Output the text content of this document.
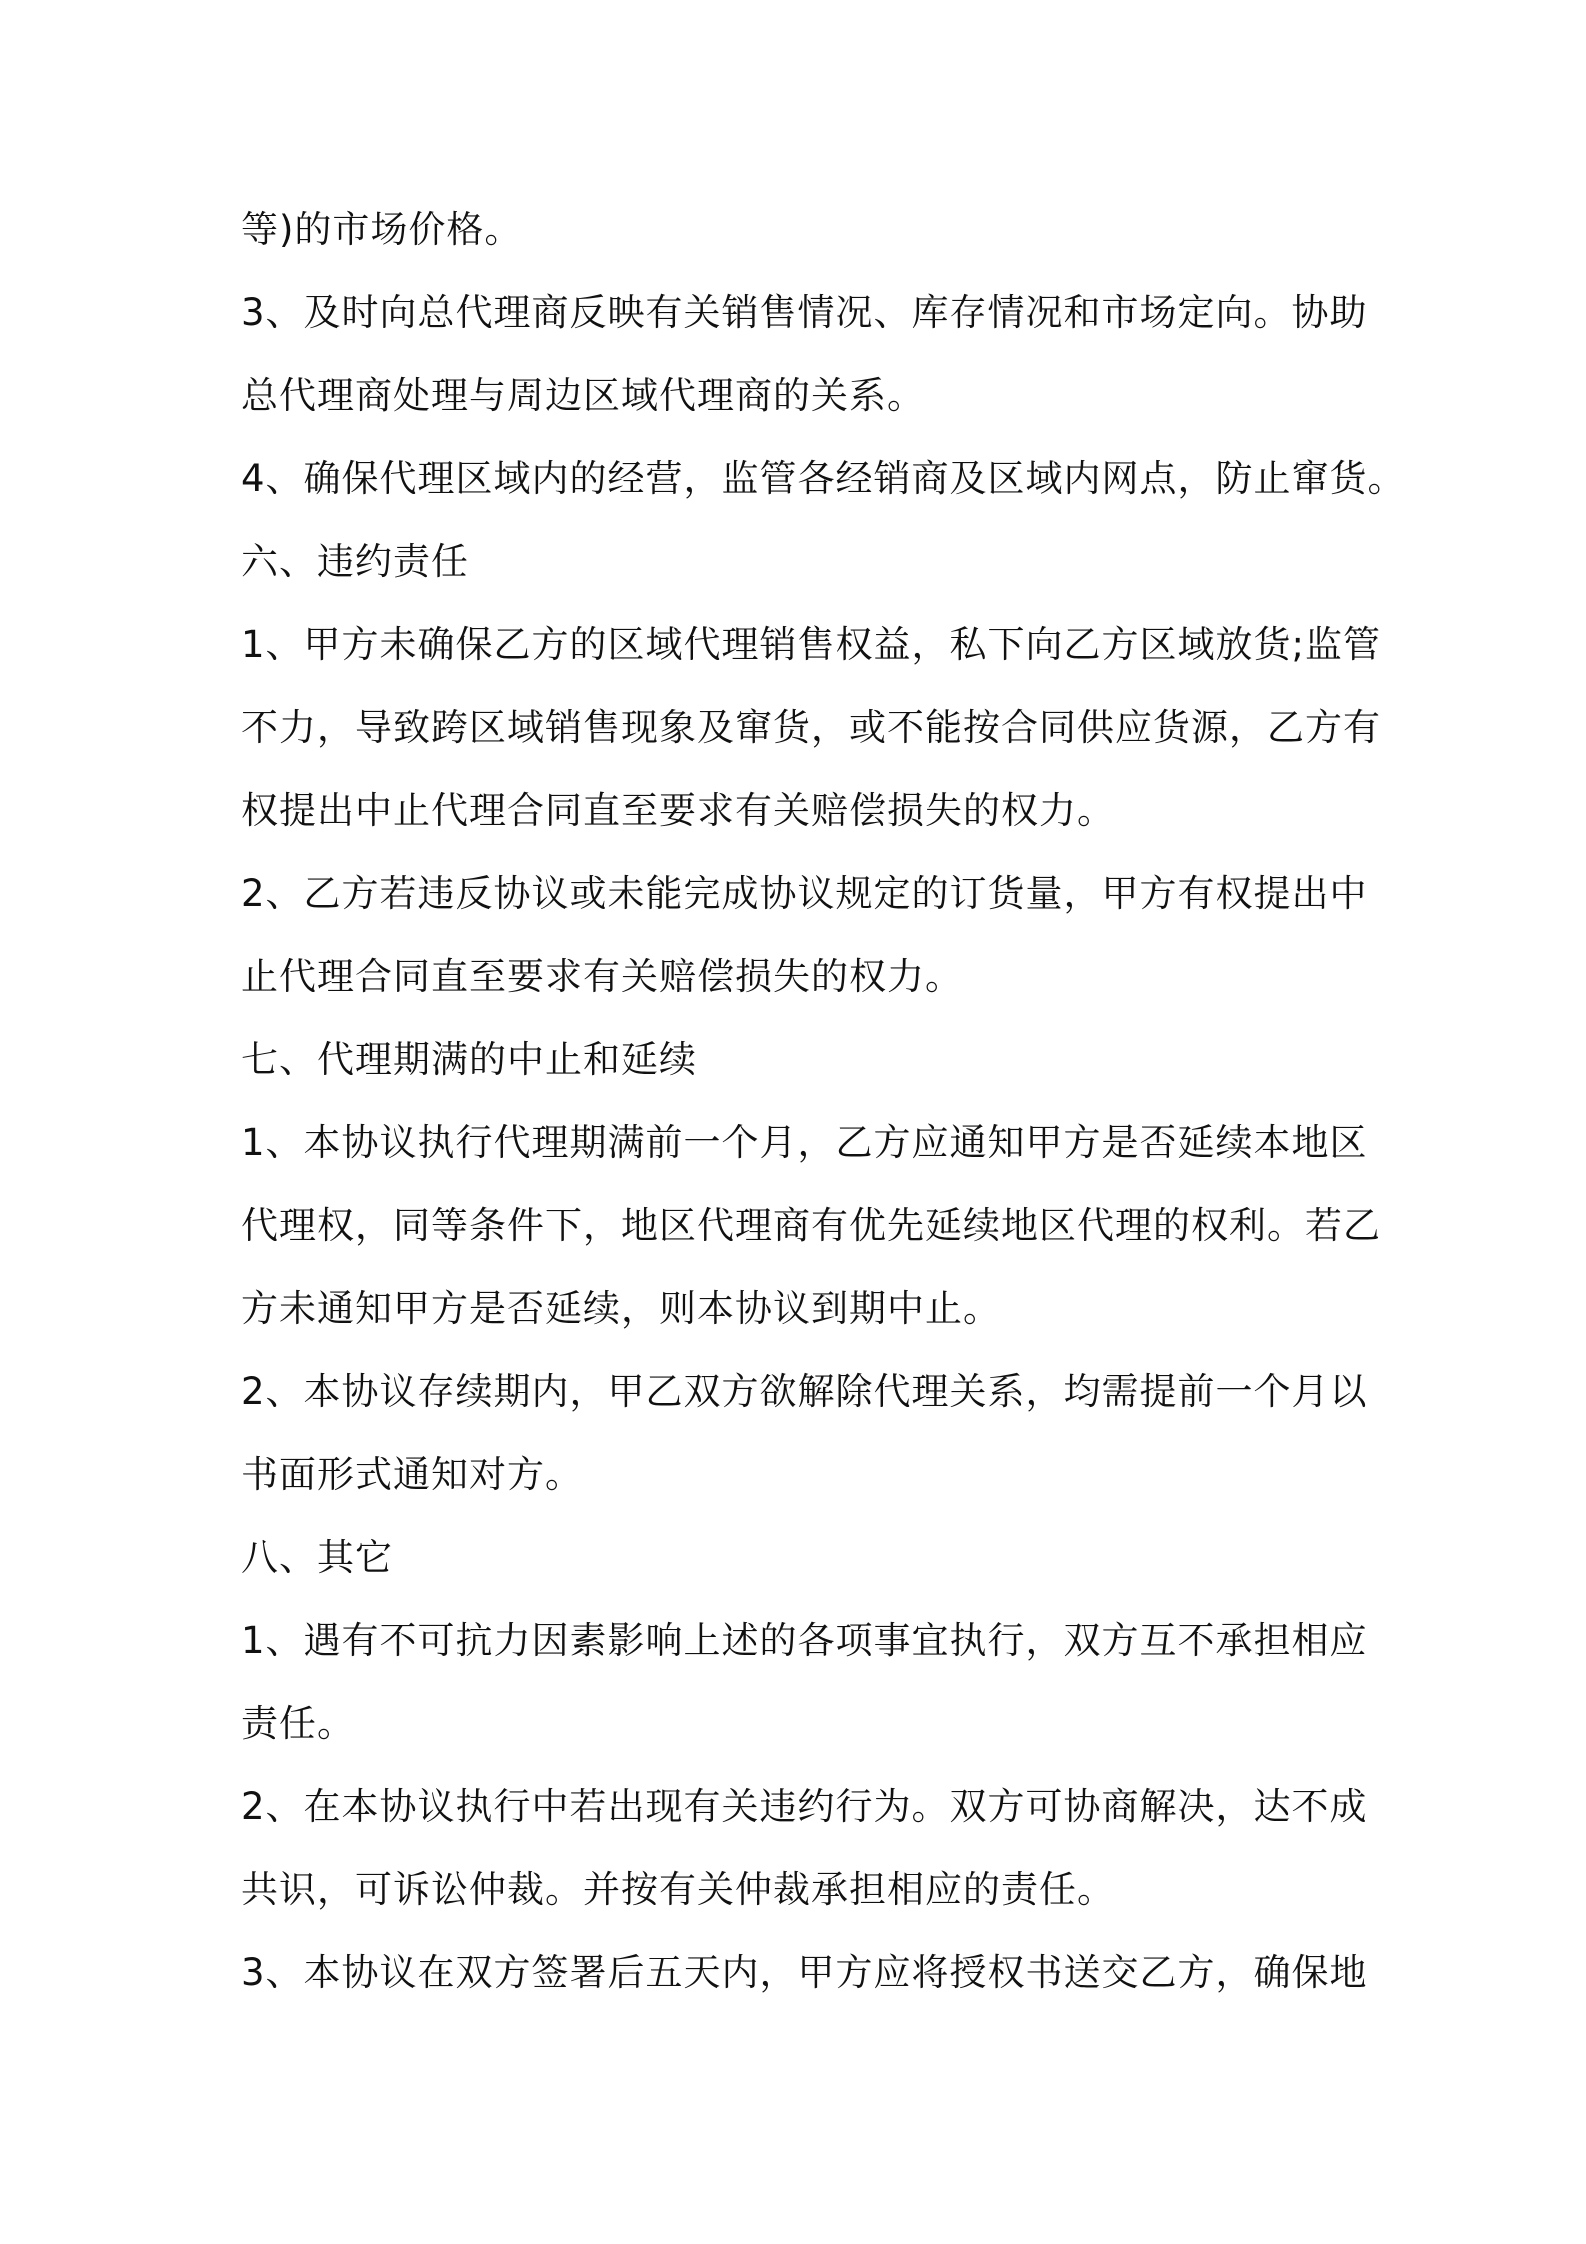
等)的市场价格。
3、及时向总代理商反映有关销售情况、库存情况和市场定向。协助
总代理商处理与周边区域代理商的关系。
4、确保代理区域内的经营，监管各经销商及区域内网点，防止窜货。
六、违约责任
1、甲方未确保乙方的区域代理销售权益，私下向乙方区域放货;监管
不力，导致跨区域销售现象及窜货，或不能按合同供应货源，乙方有
权提出中止代理合同直至要求有关赔偿损失的权力。
2、乙方若违反协议或未能完成协议规定的订货量，甲方有权提出中
止代理合同直至要求有关赔偿损失的权力。
七、代理期满的中止和延续
1、本协议执行代理期满前一个月，乙方应通知甲方是否延续本地区
代理权，同等条件下，地区代理商有优先延续地区代理的权利。若乙
方未通知甲方是否延续，则本协议到期中止。
2、本协议存续期内，甲乙双方欲解除代理关系，均需提前一个月以
书面形式通知对方。
八、其它
1、遇有不可抗力因素影响上述的各项事宜执行，双方互不承担相应
责任。
2、在本协议执行中若出现有关违约行为。双方可协商解决，达不成
共识，可诉讼仲裁。并按有关仲裁承担相应的责任。
3、本协议在双方签署后五天内，甲方应将授权书送交乙方，确保地
